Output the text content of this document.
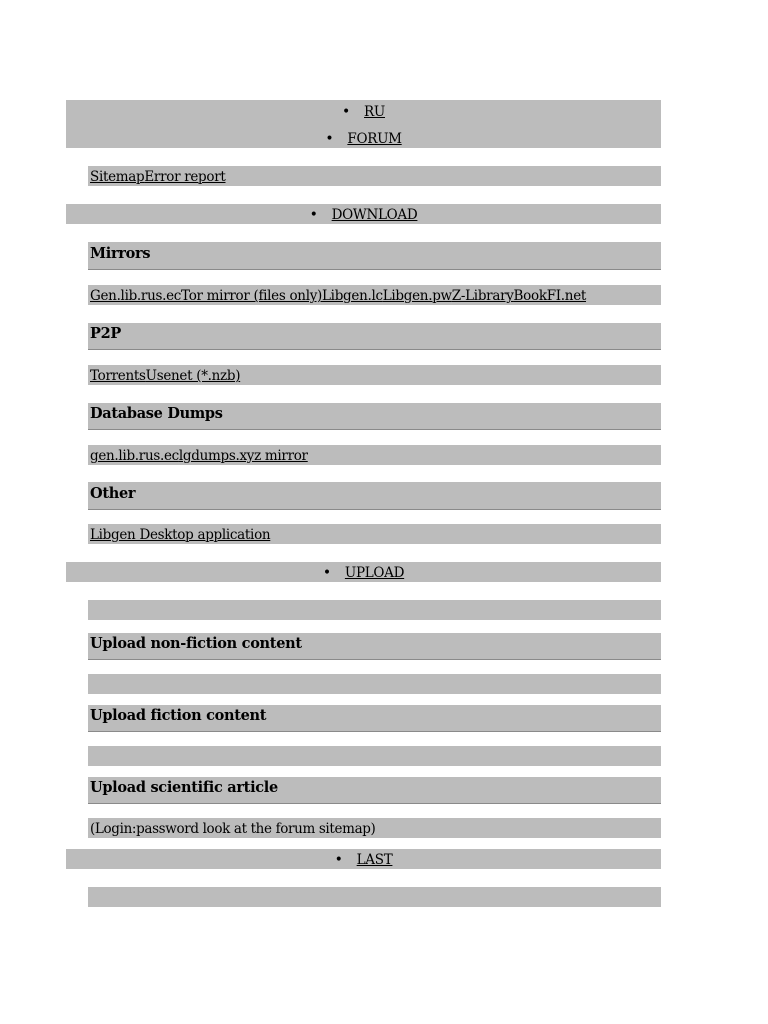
• RU
• FORUM
SitemapError report
• DOWNLOAD
Mirrors
Gen.lib.rus.ecTor mirror (files only)Libgen.lcLibgen.pwZ-LibraryBookFI.net
P2P
TorrentsUsenet (*.nzb)
Database Dumps
gen.lib.rus.eclgdumps.xyz mirror
Other
Libgen Desktop application
• UPLOAD
Upload non-fiction content
Upload fiction content
Upload scientific article
(Login:password look at the forum sitemap)
• LAST
